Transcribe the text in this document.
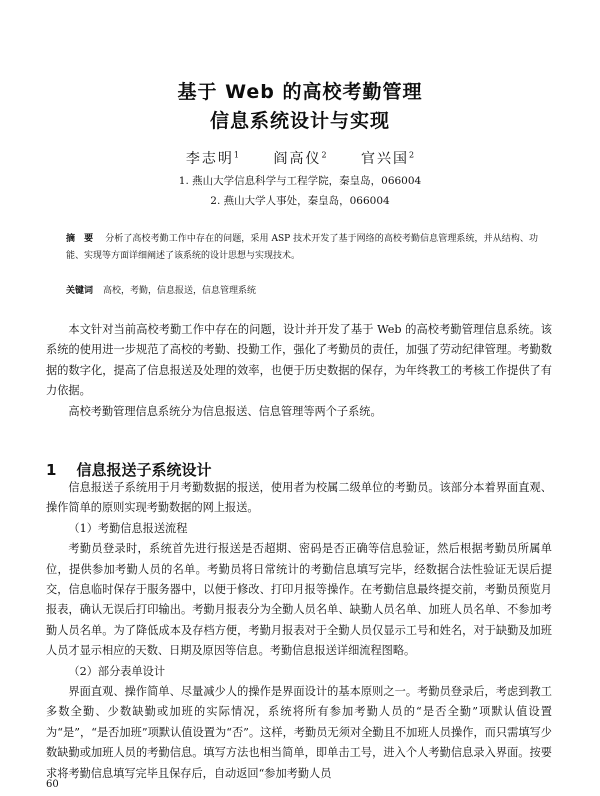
基于 Web 的高校考勤管理
信息系统设计与实现
李志明$^1$ 阎高仪$^2$ 官兴国$^2$
1. 燕山大学信息科学与工程学院，秦皇岛，066004
2. 燕山大学人事处，秦皇岛，066004
摘　要 分析了高校考勤工作中存在的问题，采用 ASP 技术开发了基于网络的高校考勤信息管理系统，并从结构、功能、实现等方面详细阐述了该系统的设计思想与实现技术。
关键词 高校，考勤，信息报送，信息管理系统

本文针对当前高校考勤工作中存在的问题，设计并开发了基于 Web 的高校考勤管理信息系统。该系统的使用进一步规范了高校的考勤、投勤工作，强化了考勤员的责任，加强了劳动纪律管理。考勤数据的数字化，提高了信息报送及处理的效率，也便于历史数据的保存，为年终教工的考核工作提供了有力依据。

高校考勤管理信息系统分为信息报送、信息管理等两个子系统。

1 信息报送子系统设计

信息报送子系统用于月考勤数据的报送，使用者为校属二级单位的考勤员。该部分本着界面直观、操作简单的原则实现考勤数据的网上报送。

（1）考勤信息报送流程

考勤员登录时，系统首先进行报送是否超期、密码是否正确等信息验证，然后根据考勤员所属单位，提供参加考勤人员的名单。考勤员将日常统计的考勤信息填写完毕，经数据合法性验证无误后提交，信息临时保存于服务器中，以便于修改、打印月报等操作。在考勤信息最终提交前，考勤员预览月报表，确认无误后打印输出。考勤月报表分为全勤人员名单、缺勤人员名单、加班人员名单、不参加考勤人员名单。为了降低成本及存档方便，考勤月报表对于全勤人员仅显示工号和姓名，对于缺勤及加班人员才显示相应的天数、日期及原因等信息。考勤信息报送详细流程图略。

（2）部分表单设计

界面直观、操作简单、尽量减少人的操作是界面设计的基本原则之一。考勤员登录后，考虑到教工多数全勤、少数缺勤或加班的实际情况，系统将所有参加考勤人员的“是否全勤”项默认值设置为“是”，“是否加班”项默认值设置为“否”。这样，考勤员无须对全勤且不加班人员操作，而只需填写少数缺勤或加班人员的考勤信息。填写方法也相当简单，即单击工号，进入个人考勤信息录入界面。按要求将考勤信息填写完毕且保存后，自动返回“参加考勤人员

60
